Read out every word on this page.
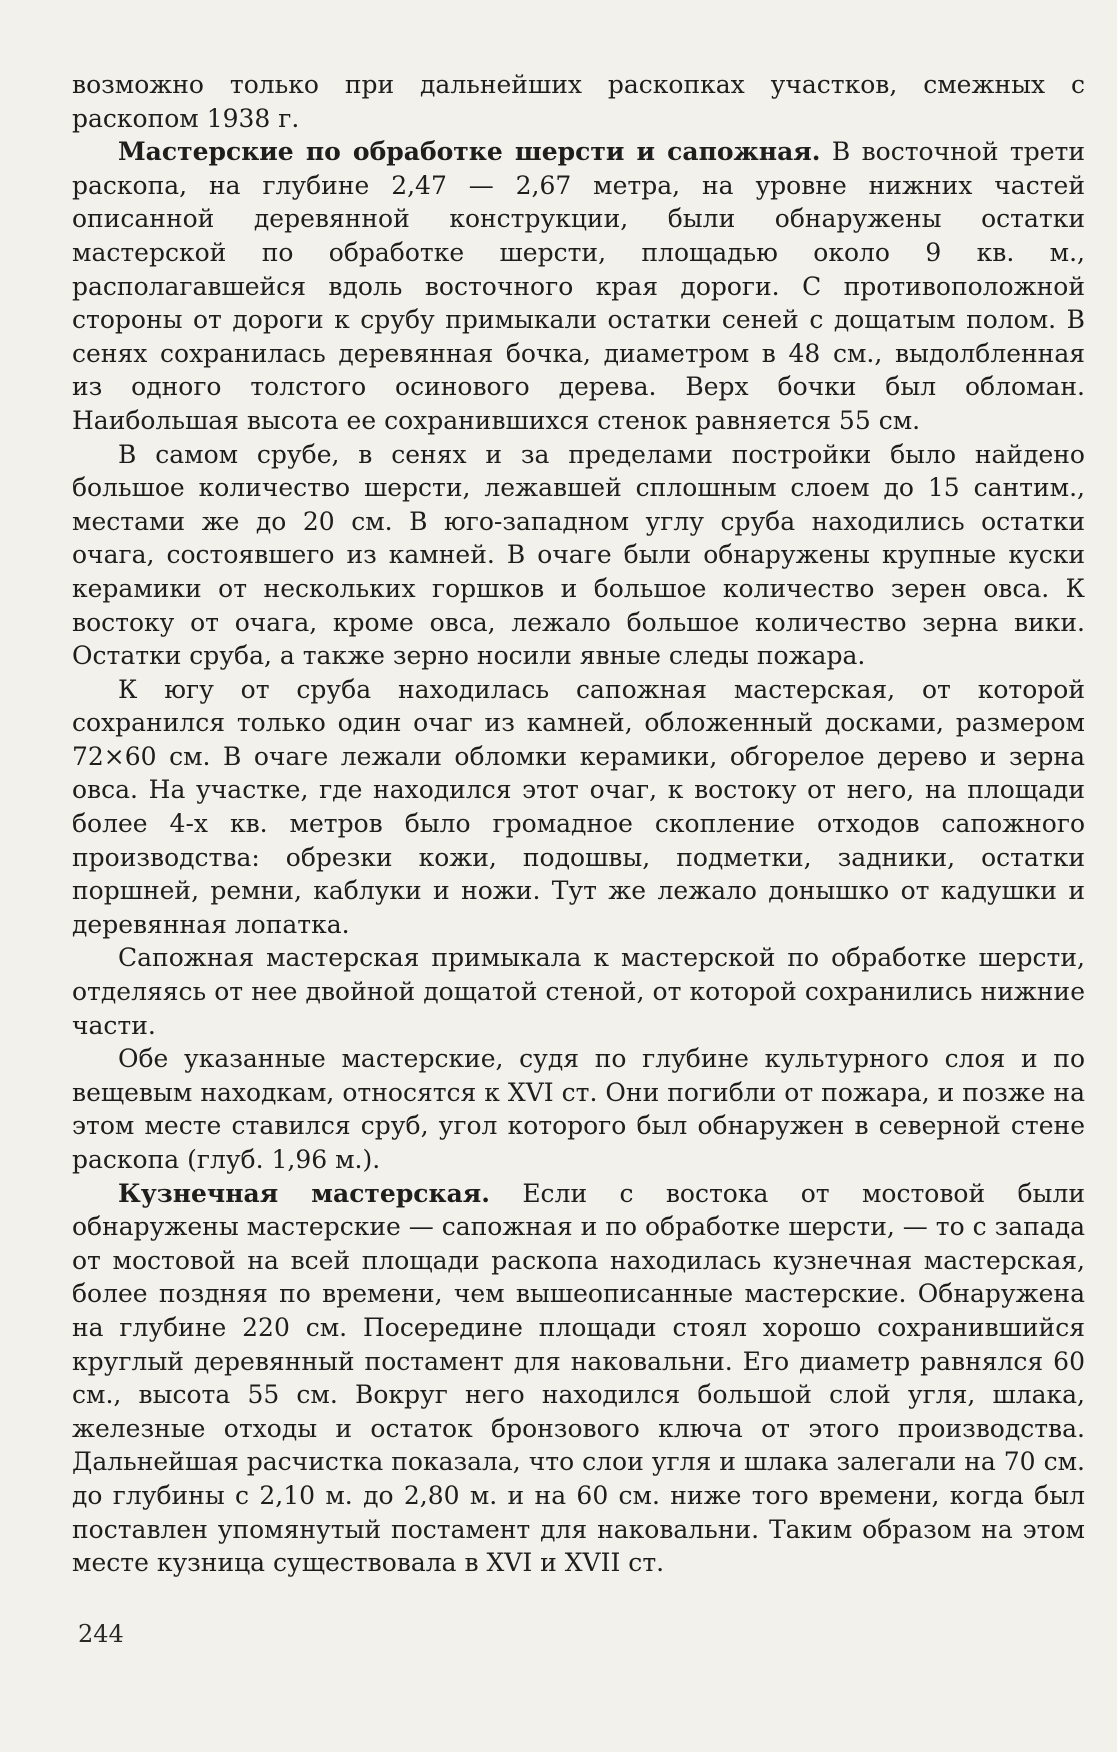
возможно только при дальнейших раскопках участков, смежных с раскопом 1938 г.

Мастерские по обработке шерсти и сапожная. В восточной трети раскопа, на глубине 2,47 — 2,67 метра, на уровне нижних частей описанной деревянной конструкции, были обнаружены остатки мастерской по обработке шерсти, площадью около 9 кв. м., располагавшейся вдоль восточного края дороги. С противоположной стороны от дороги к срубу примыкали остатки сеней с дощатым полом. В сенях сохранилась деревянная бочка, диаметром в 48 см., выдолбленная из одного толстого осинового дерева. Верх бочки был обломан. Наибольшая высота ее сохранившихся стенок равняется 55 см.

В самом срубе, в сенях и за пределами постройки было найдено большое количество шерсти, лежавшей сплошным слоем до 15 сантим., местами же до 20 см. В юго-западном углу сруба находились остатки очага, состоявшего из камней. В очаге были обнаружены крупные куски керамики от нескольких горшков и большое количество зерен овса. К востоку от очага, кроме овса, лежало большое количество зерна вики. Остатки сруба, а также зерно носили явные следы пожара.

К югу от сруба находилась сапожная мастерская, от которой сохранился только один очаг из камней, обложенный досками, размером 72×60 см. В очаге лежали обломки керамики, обгорелое дерево и зерна овса. На участке, где находился этот очаг, к востоку от него, на площади более 4-х кв. метров было громадное скопление отходов сапожного производства: обрезки кожи, подошвы, подметки, задники, остатки поршней, ремни, каблуки и ножи. Тут же лежало донышко от кадушки и деревянная лопатка.

Сапожная мастерская примыкала к мастерской по обработке шерсти, отделяясь от нее двойной дощатой стеной, от которой сохранились нижние части.

Обе указанные мастерские, судя по глубине культурного слоя и по вещевым находкам, относятся к XVI ст. Они погибли от пожара, и позже на этом месте ставился сруб, угол которого был обнаружен в северной стене раскопа (глуб. 1,96 м.).

Кузнечная мастерская. Если с востока от мостовой были обнаружены мастерские — сапожная и по обработке шерсти, — то с запада от мостовой на всей площади раскопа находилась кузнечная мастерская, более поздняя по времени, чем вышеописанные мастерские. Обнаружена на глубине 220 см. Посередине площади стоял хорошо сохранившийся круглый деревянный постамент для наковальни. Его диаметр равнялся 60 см., высота 55 см. Вокруг него находился большой слой угля, шлака, железные отходы и остаток бронзового ключа от этого производства. Дальнейшая расчистка показала, что слои угля и шлака залегали на 70 см. до глубины с 2,10 м. до 2,80 м. и на 60 см. ниже того времени, когда был поставлен упомянутый постамент для наковальни. Таким образом на этом месте кузница существовала в XVI и XVII ст.

244
